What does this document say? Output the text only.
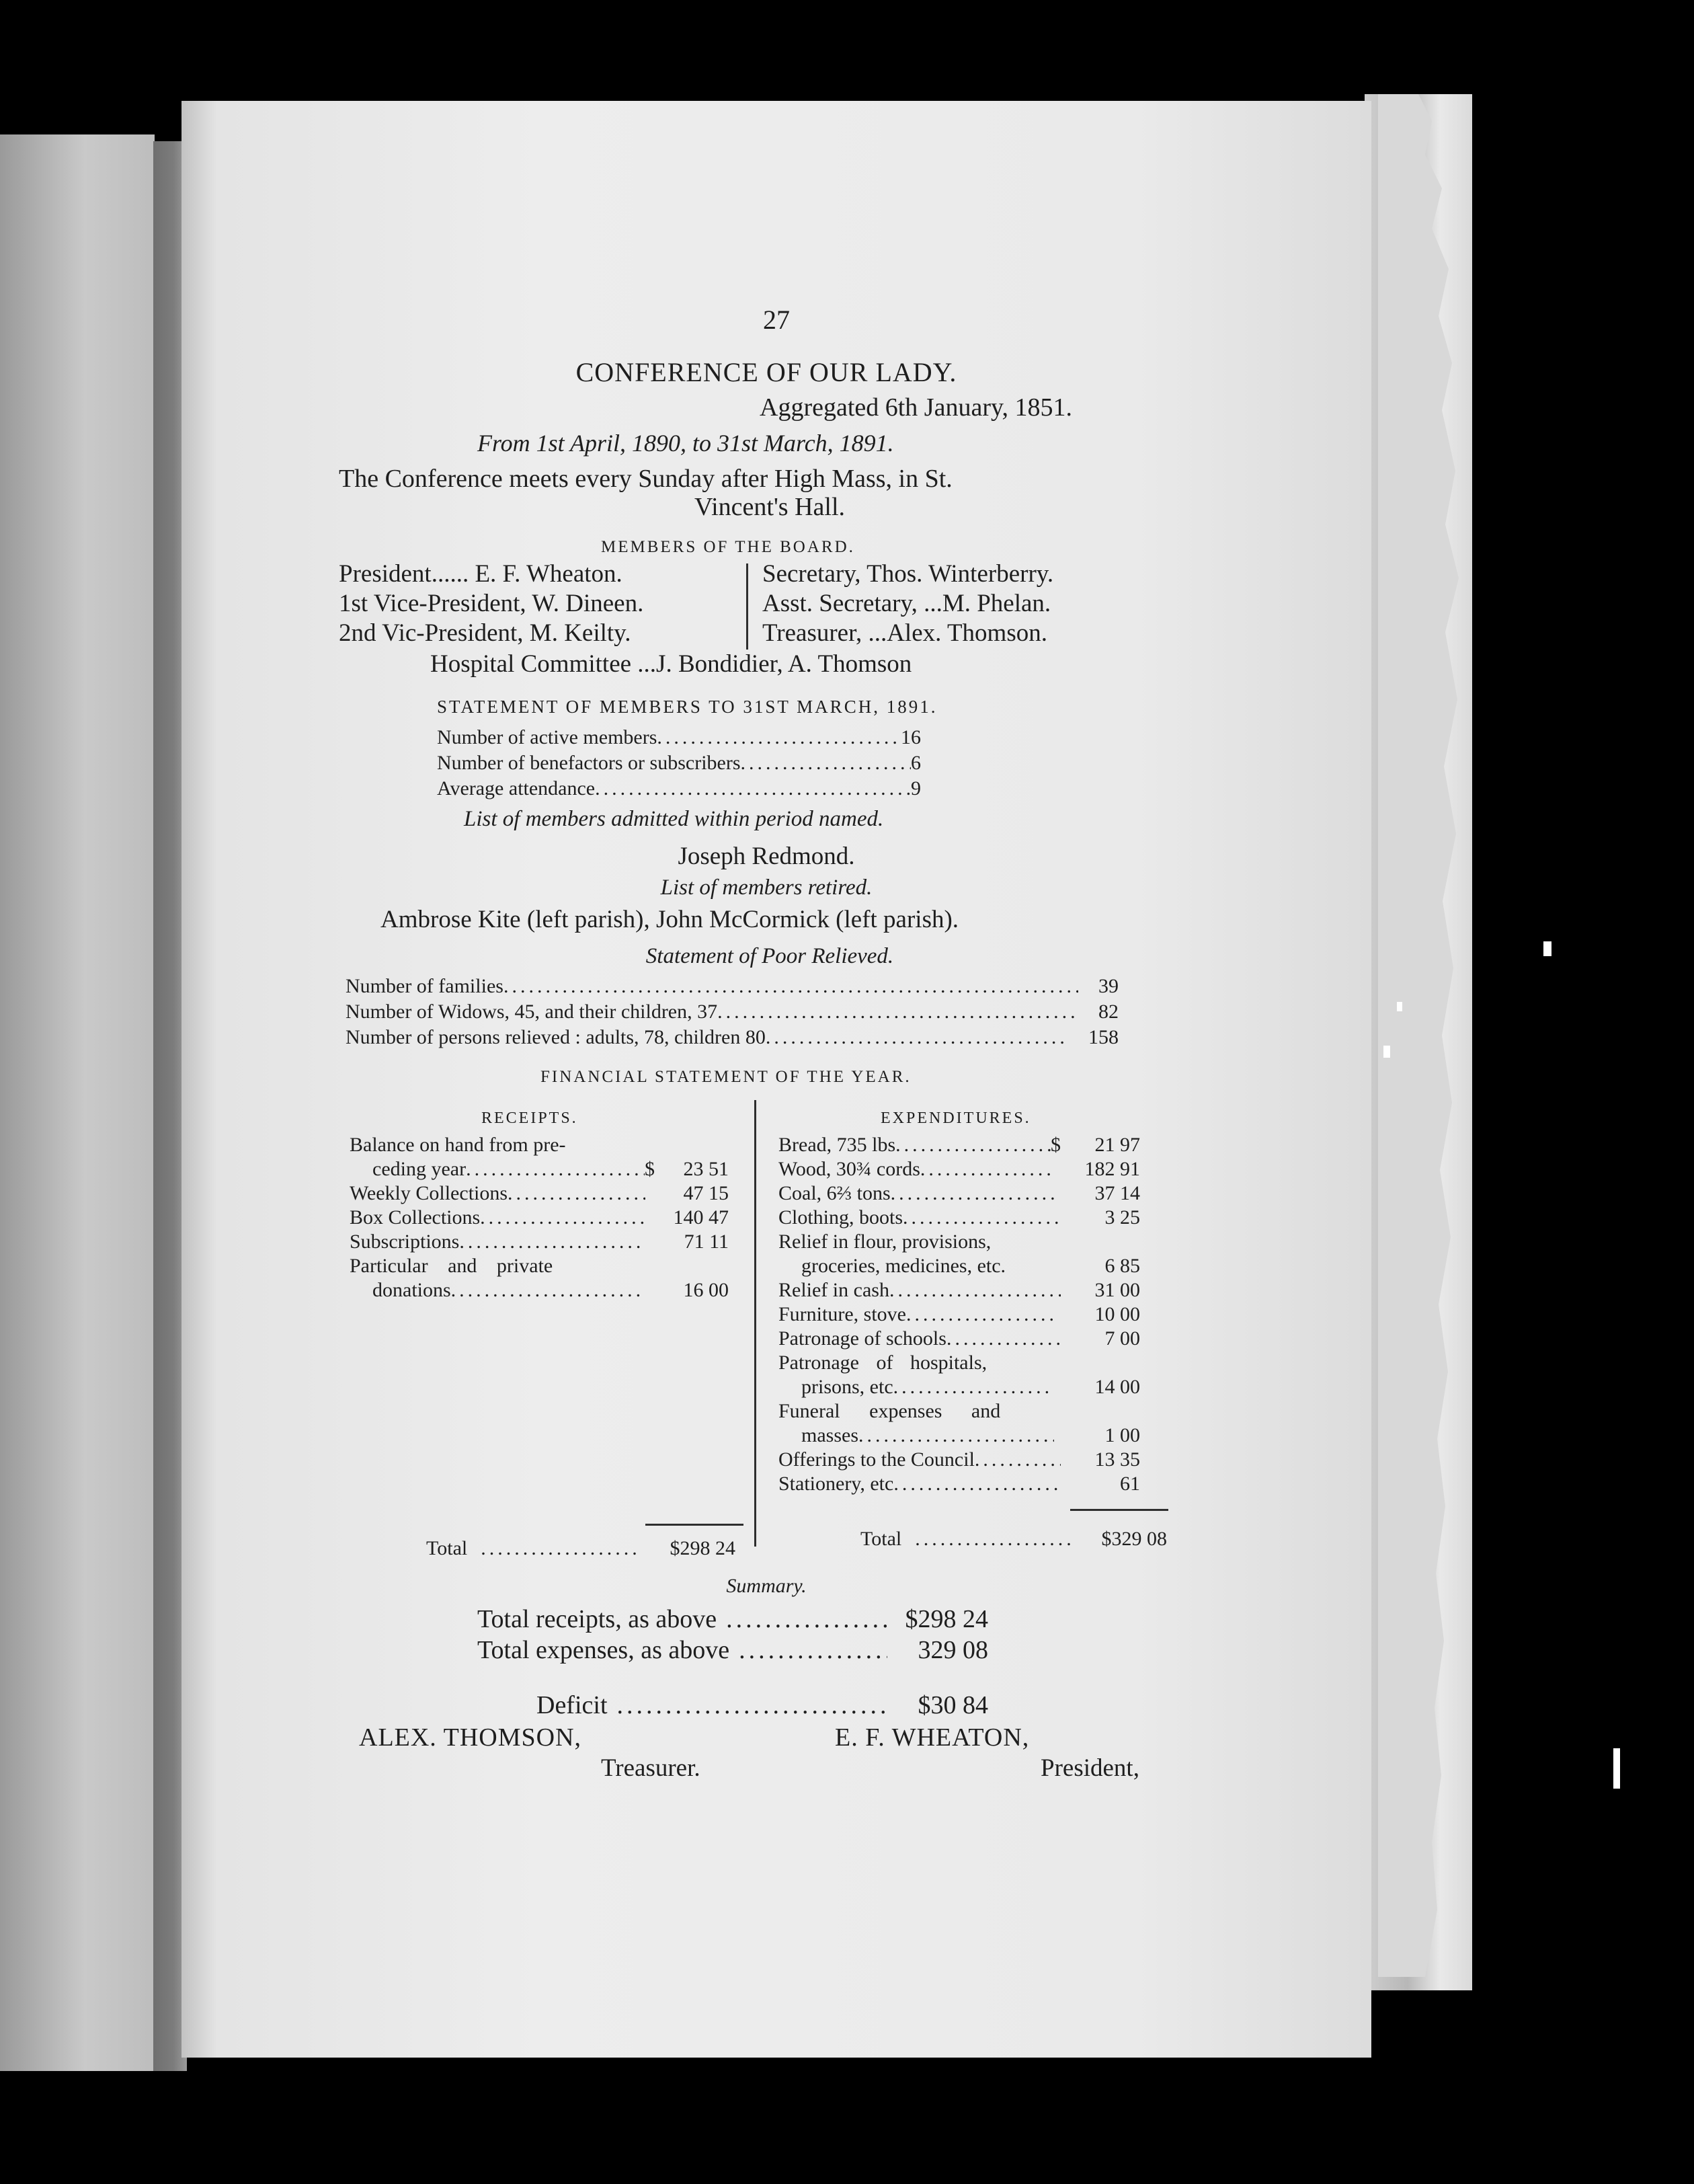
27
CONFERENCE OF OUR LADY.
Aggregated 6th January, 1851.
From 1st April, 1890, to 31st March, 1891.
The Conference meets every Sunday after High Mass, in St.
Vincent's Hall.
MEMBERS OF THE BOARD.
President...... E. F. Wheaton.
1st Vice-President, W. Dineen.
2nd Vic-President, M. Keilty.
Secretary, Thos. Winterberry.
Asst. Secretary, ...M. Phelan.
Treasurer, ...Alex. Thomson.
Hospital Committee ...J. Bondidier, A. Thomson
STATEMENT OF MEMBERS TO 31ST MARCH, 1891.
Number of active members .....	16
Number of benefactors or subscribers .....	6
Average attendance .....	9
List of members admitted within period named.
Joseph Redmond.
List of members retired.
Ambrose Kite (left parish), John McCormick (left parish).
Statement of Poor Relieved.
Number of families .....	39
Number of Widows, 45, and their children, 37 .....	82
Number of persons relieved : adults, 78, children 80 .....	158
FINANCIAL STATEMENT OF THE YEAR.
RECEIPTS.	EXPENDITURES.
Balance on hand from pre-
ceding year .....	$	23 51
Weekly Collections .....	47 15
Box Collections .....	140 47
Subscriptions .....	71 11
Particular and private
donations .....	16 00
Bread, 735 lbs .....	$	21 97
Wood, 30¾ cords .....	182 91
Coal, 6⅔ tons .....	37 14
Clothing, boots .....	3 25
Relief in flour, provisions,
groceries, medicines, etc.	6 85
Relief in cash .....	31 00
Furniture, stove .....	10 00
Patronage of schools .....	7 00
Patronage of hospitals,
prisons, etc .....	14 00
Funeral expenses and
masses .....	1 00
Offerings to the Council .....	13 35
Stationery, etc .....	61
Total .....	$298 24	Total .....	$329 08
Summary.
Total receipts, as above .....	$298 24
Total expenses, as above .....	329 08
Deficit .....	$30 84
ALEX. THOMSON,
Treasurer.
E. F. WHEATON,
President,
